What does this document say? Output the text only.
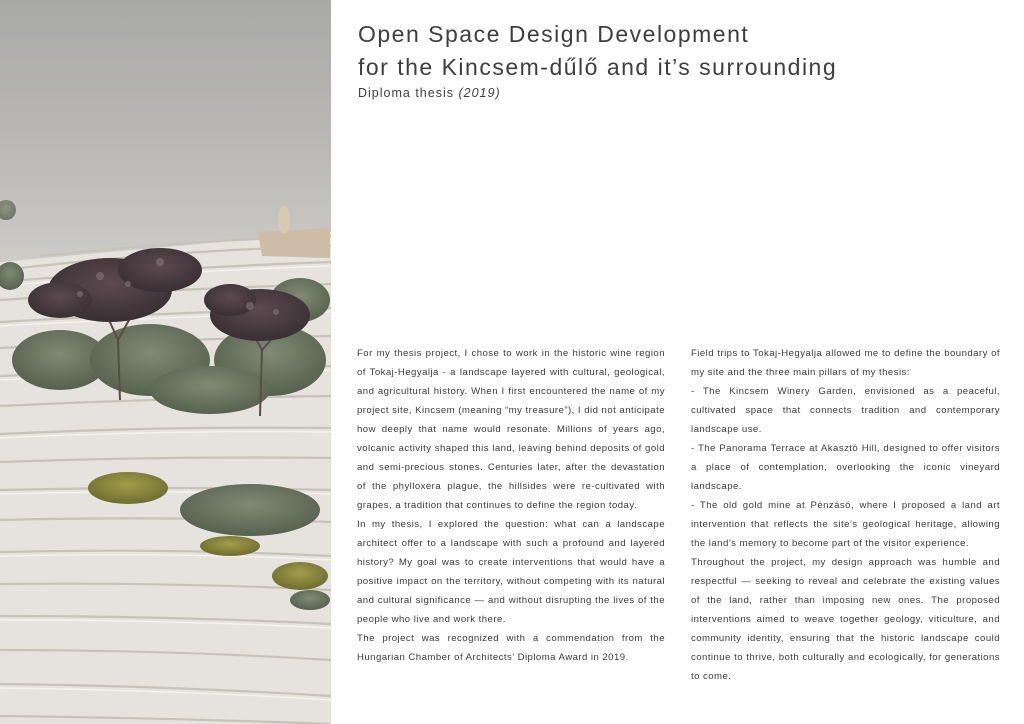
Open Space Design Development
for the Kincsem-dűlő and it’s surrounding
Diploma thesis (2019)

For my thesis project, I chose to work in the historic wine region of Tokaj-Hegyalja - a landscape layered with cultural, geological, and agricultural history. When I first encountered the name of my project site, Kincsem (meaning “my treasure”), I did not anticipate how deeply that name would resonate. Millions of years ago, volcanic activity shaped this land, leaving behind deposits of gold and semi-precious stones. Centuries later, after the devastation of the phylloxera plague, the hillsides were re-cultivated with grapes, a tradition that continues to define the region today.

In my thesis, I explored the question: what can a landscape architect offer to a landscape with such a profound and layered history? My goal was to create interventions that would have a positive impact on the territory, without competing with its natural and cultural significance — and without disrupting the lives of the people who live and work there.

The project was recognized with a commendation from the Hungarian Chamber of Architects’ Diploma Award in 2019.

Field trips to Tokaj-Hegyalja allowed me to define the boundary of my site and the three main pillars of my thesis:

- The Kincsem Winery Garden, envisioned as a peaceful, cultivated space that connects tradition and contemporary landscape use.

- The Panorama Terrace at Akasztó Hill, designed to offer visitors a place of contemplation, overlooking the iconic vineyard landscape.

- The old gold mine at Pénzásó, where I proposed a land art intervention that reflects the site’s geological heritage, allowing the land’s memory to become part of the visitor experience.

Throughout the project, my design approach was humble and respectful — seeking to reveal and celebrate the existing values of the land, rather than imposing new ones. The proposed interventions aimed to weave together geology, viticulture, and community identity, ensuring that the historic landscape could continue to thrive, both culturally and ecologically, for generations to come.
